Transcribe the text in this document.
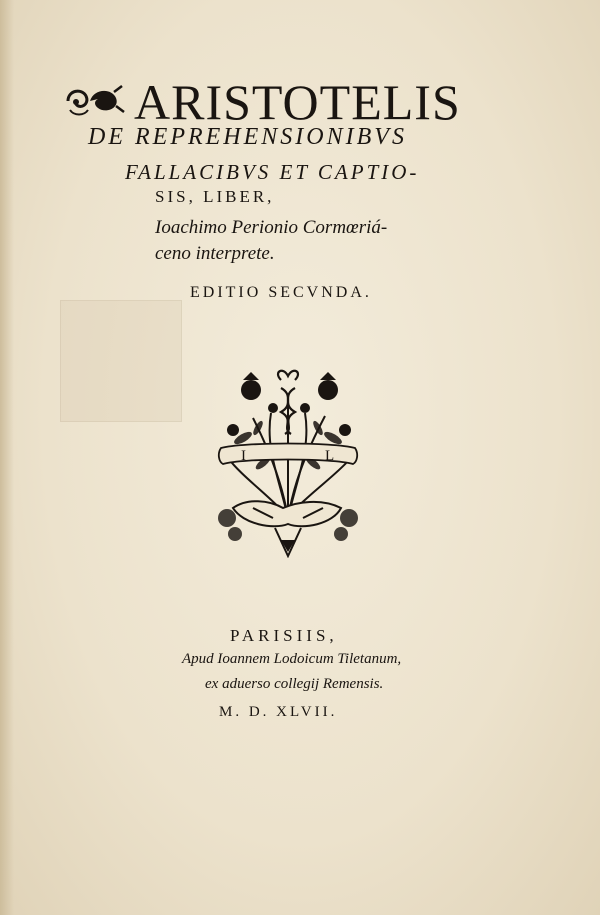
ARISTOTELIS
DE REPREHENSIONIBVS
FALLACIBVS ET CAPTIO-
SIS, LIBER,
Ioachimo Perionio Cormœriá-
ceno interprete.
EDITIO SECVNDA.
I	L
PARISIIS,
Apud Ioannem Lodoicum Tiletanum,
ex aduerso collegij Remensis.
M. D. XLVII.
